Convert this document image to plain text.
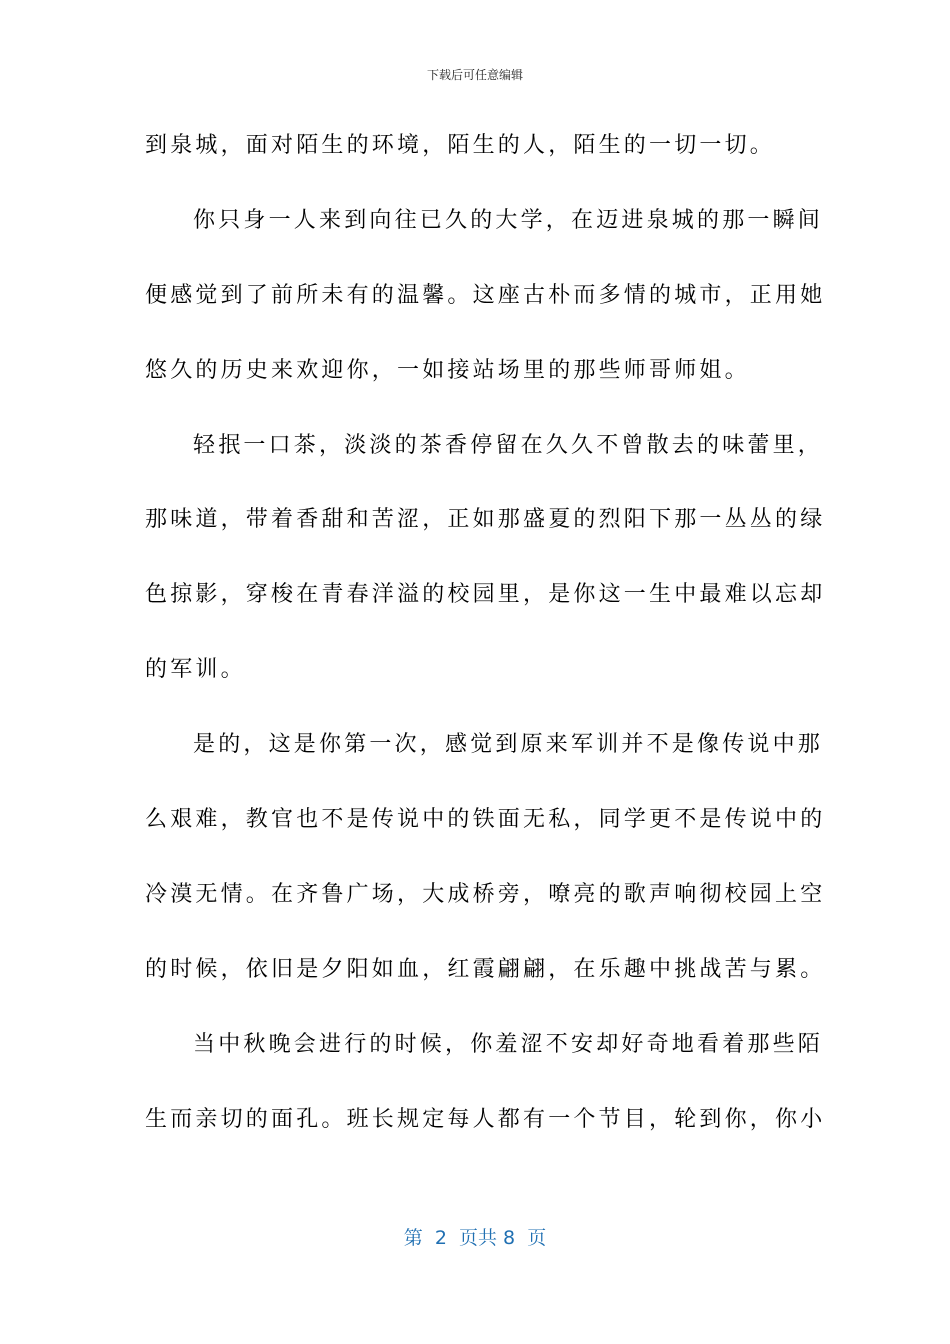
下载后可任意编辑
到泉城，面对陌生的环境，陌生的人，陌生的一切一切。
你只身一人来到向往已久的大学，在迈进泉城的那一瞬间
便感觉到了前所未有的温馨。这座古朴而多情的城市，正用她
悠久的历史来欢迎你，一如接站场里的那些师哥师姐。
轻抿一口茶，淡淡的茶香停留在久久不曾散去的味蕾里，
那味道，带着香甜和苦涩，正如那盛夏的烈阳下那一丛丛的绿
色掠影，穿梭在青春洋溢的校园里，是你这一生中最难以忘却
的军训。
是的，这是你第一次，感觉到原来军训并不是像传说中那
么艰难，教官也不是传说中的铁面无私，同学更不是传说中的
冷漠无情。在齐鲁广场，大成桥旁，嘹亮的歌声响彻校园上空
的时候，依旧是夕阳如血，红霞翩翩，在乐趣中挑战苦与累。
当中秋晚会进行的时候，你羞涩不安却好奇地看着那些陌
生而亲切的面孔。班长规定每人都有一个节目，轮到你，你小
第  2  页共 8  页
